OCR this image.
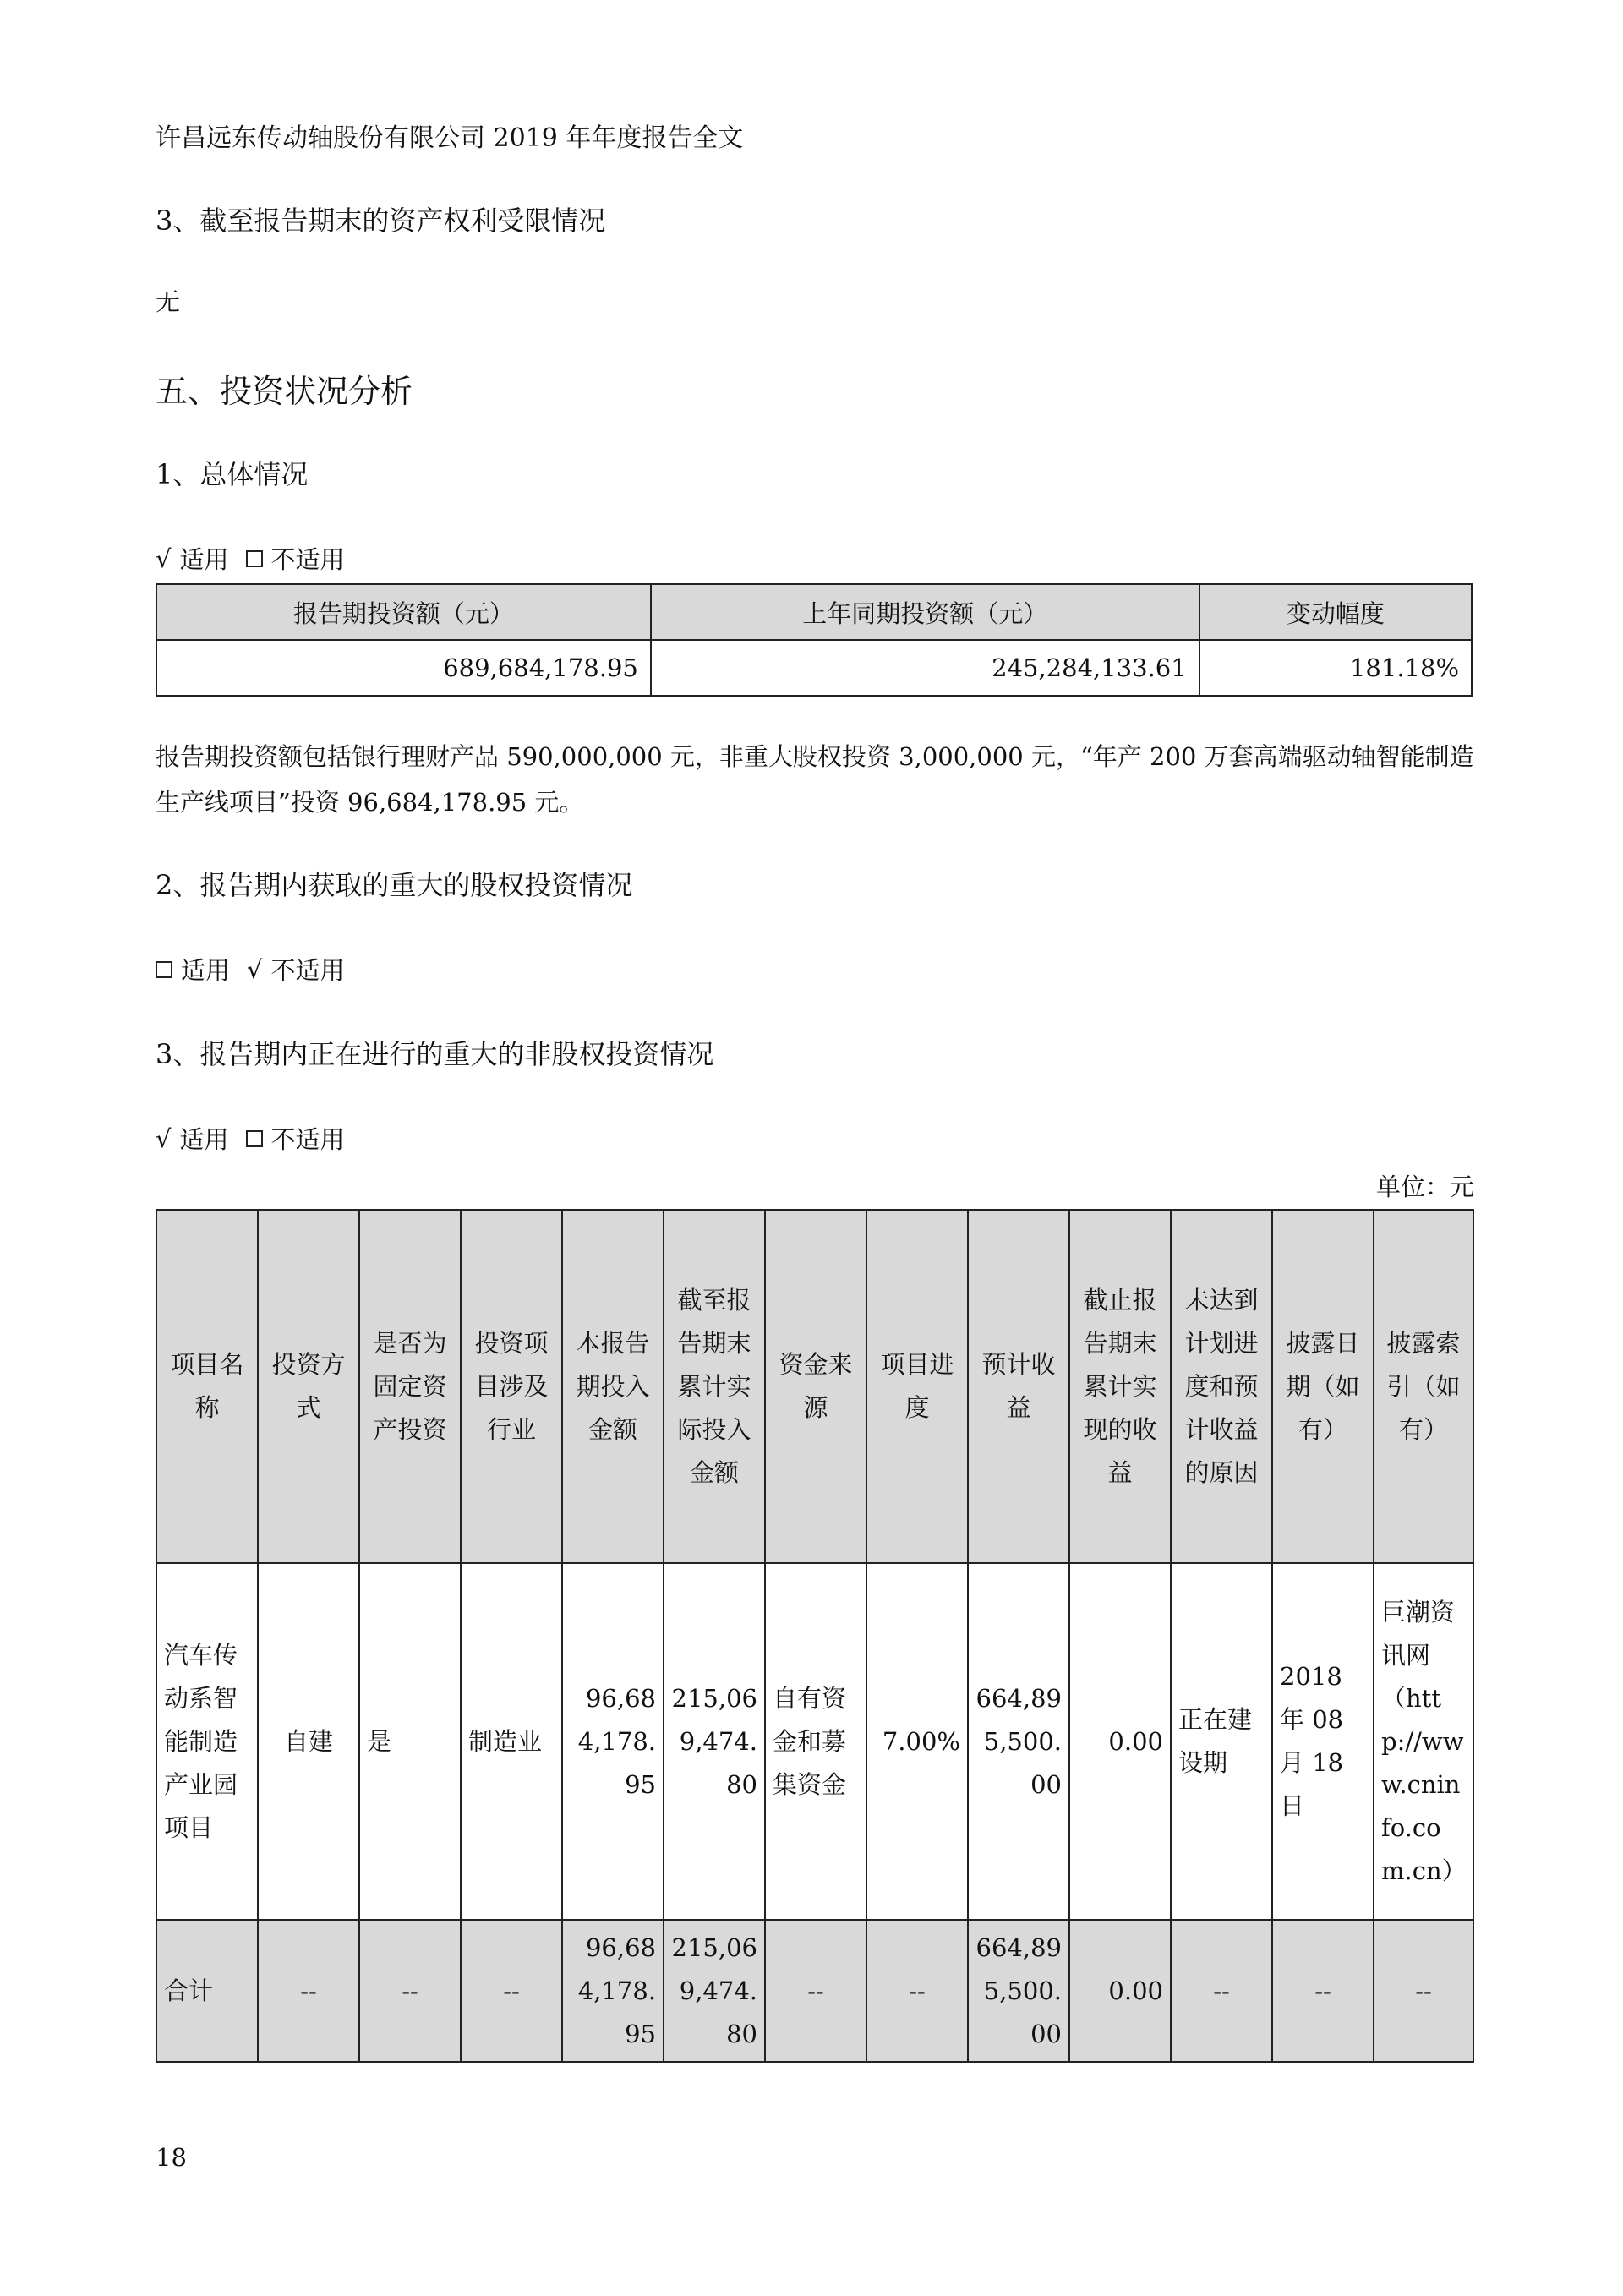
许昌远东传动轴股份有限公司 2019 年年度报告全文
3、截至报告期末的资产权利受限情况
无
五、投资状况分析
1、总体情况
√ 适用 不适用
报告期投资额（元）	上年同期投资额（元）	变动幅度
689,684,178.95	245,284,133.61	181.18%
报告期投资额包括银行理财产品 590,000,000 元，非重大股权投资 3,000,000 元，“年产 200 万套高端驱动轴智能制造生产线项目”投资 96,684,178.95 元。
2、报告期内获取的重大的股权投资情况
适用 √ 不适用
3、报告期内正在进行的重大的非股权投资情况
√ 适用 不适用
单位：元
项目名称	投资方式	是否为固定资产投资	投资项目涉及行业	本报告期投入金额	截至报告期末累计实际投入金额	资金来源	项目进度	预计收益	截止报告期末累计实现的收益	未达到计划进度和预计收益的原因	披露日期（如有）	披露索引（如有）
汽车传动系智能制造产业园项目	自建	是	制造业	96,684,178.95	215,069,474.80	自有资金和募集资金	7.00%	664,895,500.00	0.00	正在建设期	2018 年 08 月 18 日	巨潮资讯网（http://www.cninfo.com.cn）
合计	--	--	--	96,684,178.95	215,069,474.80	--	--	664,895,500.00	0.00	--	--	--
18
